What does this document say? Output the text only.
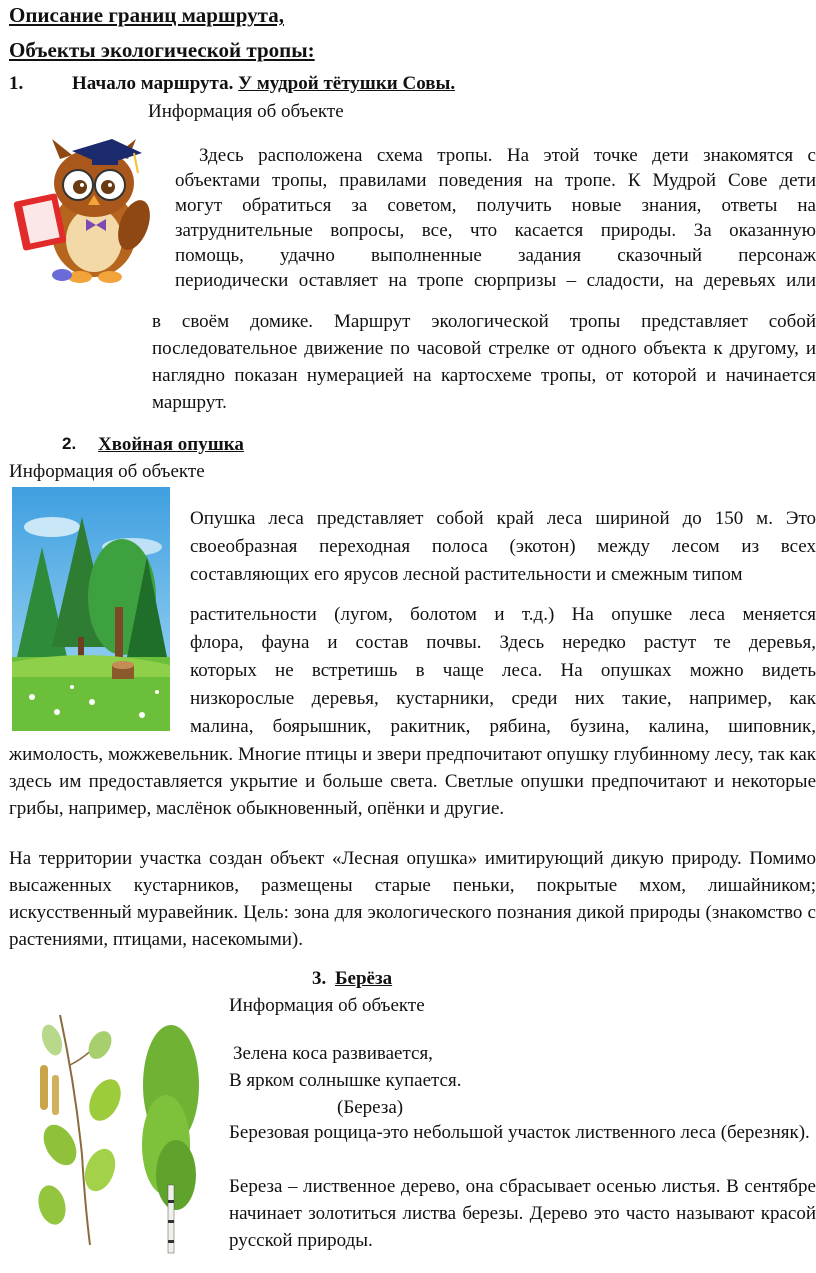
Описание границ маршрута,
Объекты экологической тропы:
1.	Начало маршрута. У мудрой тётушки Совы.
Информация об объекте
Здесь расположена схема тропы. На этой точке дети знакомятся с
объектами тропы, правилами поведения на тропе. К Мудрой Сове дети
могут обратиться за советом, получить новые знания, ответы на
затруднительные вопросы, все, что касается природы. За оказанную
помощь, удачно выполненные задания сказочный персонаж
периодически оставляет на тропе сюрпризы – сладости, на деревьях или
в своём домике. Маршрут экологической тропы представляет собой последовательное движение по часовой стрелке от одного объекта к другому, и наглядно показан нумерацией на картосхеме тропы, от которой и начинается маршрут.
2. Хвойная опушка
Информация об объекте
Опушка леса представляет собой край леса шириной до 150 м. Это
своеобразная переходная полоса (экотон) между лесом из всех
составляющих его ярусов лесной растительности и смежным типом
растительности (лугом, болотом и т.д.) На опушке леса меняется
флора, фауна и состав почвы. Здесь нередко растут те деревья,
которых не встретишь в чаще леса. На опушках можно видеть
низкорослые деревья, кустарники, среди них такие, например, как
малина, боярышник, ракитник, рябина, бузина, калина, шиповник,
жимолость, можжевельник. Многие птицы и звери предпочитают опушку глубинному лесу, так как здесь им предоставляется укрытие и больше света. Светлые опушки предпочитают и некоторые грибы, например, маслёнок обыкновенный, опёнки и другие.
На территории участка создан объект «Лесная опушка» имитирующий дикую природу. Помимо высаженных кустарников, размещены старые пеньки, покрытые мхом, лишайником; искусственный муравейник. Цель: зона для экологического познания дикой природы (знакомство с растениями, птицами, насекомыми).
3. Берёза
Информация об объекте
Зелена коса развивается,
В ярком солнышке купается.
(Береза)
Березовая рощица-это небольшой участок лиственного леса (березняк).
Береза – лиственное дерево, она сбрасывает осенью листья. В сентябре начинает золотиться листва березы. Дерево это часто называют красой русской природы.
